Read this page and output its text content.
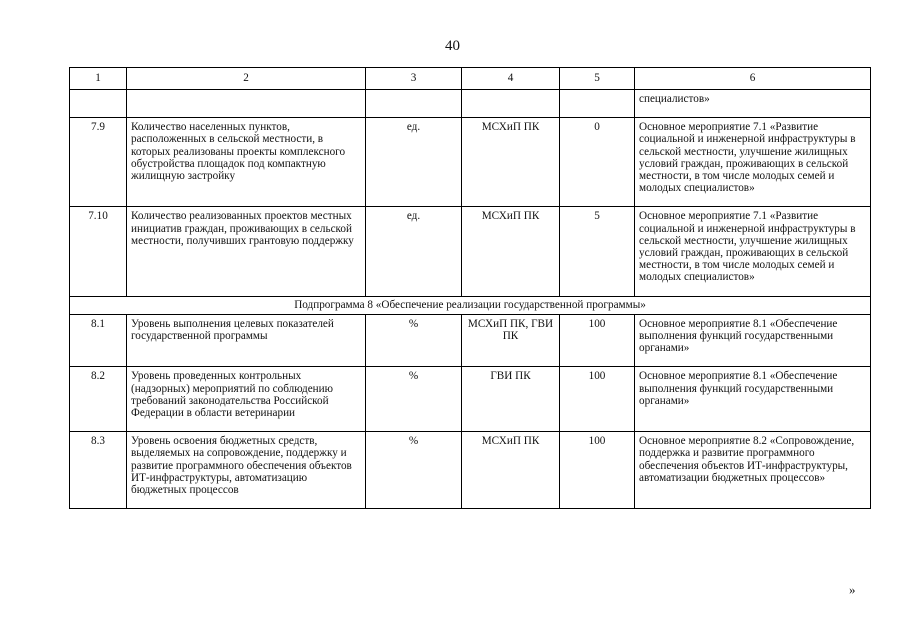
40
1	2	3	4	5	6
					специалистов»
7.9	Количество населенных пунктов, расположенных в сельской местности, в которых реализованы проекты комплексного обустройства площадок под компактную жилищную застройку	ед.	МСХиП ПК	0	Основное мероприятие 7.1 «Развитие социальной и инженерной инфраструктуры в сельской местности, улучшение жилищных условий граждан, проживающих в сельской местности, в том числе молодых семей и молодых специалистов»
7.10	Количество реализованных проектов местных инициатив граждан, проживающих в сельской местности, получивших грантовую поддержку	ед.	МСХиП ПК	5	Основное мероприятие 7.1 «Развитие социальной и инженерной инфраструктуры в сельской местности, улучшение жилищных условий граждан, проживающих в сельской местности, в том числе молодых семей и молодых специалистов»
Подпрограмма 8 «Обеспечение реализации государственной программы»					
8.1	Уровень выполнения целевых показателей государственной программы	%	МСХиП ПК, ГВИ ПК	100	Основное мероприятие 8.1 «Обеспечение выполнения функций государственными органами»
8.2	Уровень проведенных контрольных (надзорных) мероприятий по соблюдению требований законодательства Российской Федерации в области ветеринарии	%	ГВИ ПК	100	Основное мероприятие 8.1 «Обеспечение выполнения функций государственными органами»
8.3	Уровень освоения бюджетных средств, выделяемых на сопровождение, поддержку и развитие программного обеспечения объектов ИТ-инфраструктуры, автоматизацию бюджетных процессов	%	МСХиП ПК	100	Основное мероприятие 8.2 «Сопровождение, поддержка и развитие программного обеспечения объектов ИТ-инфраструктуры, автоматизации бюджетных процессов»
»
